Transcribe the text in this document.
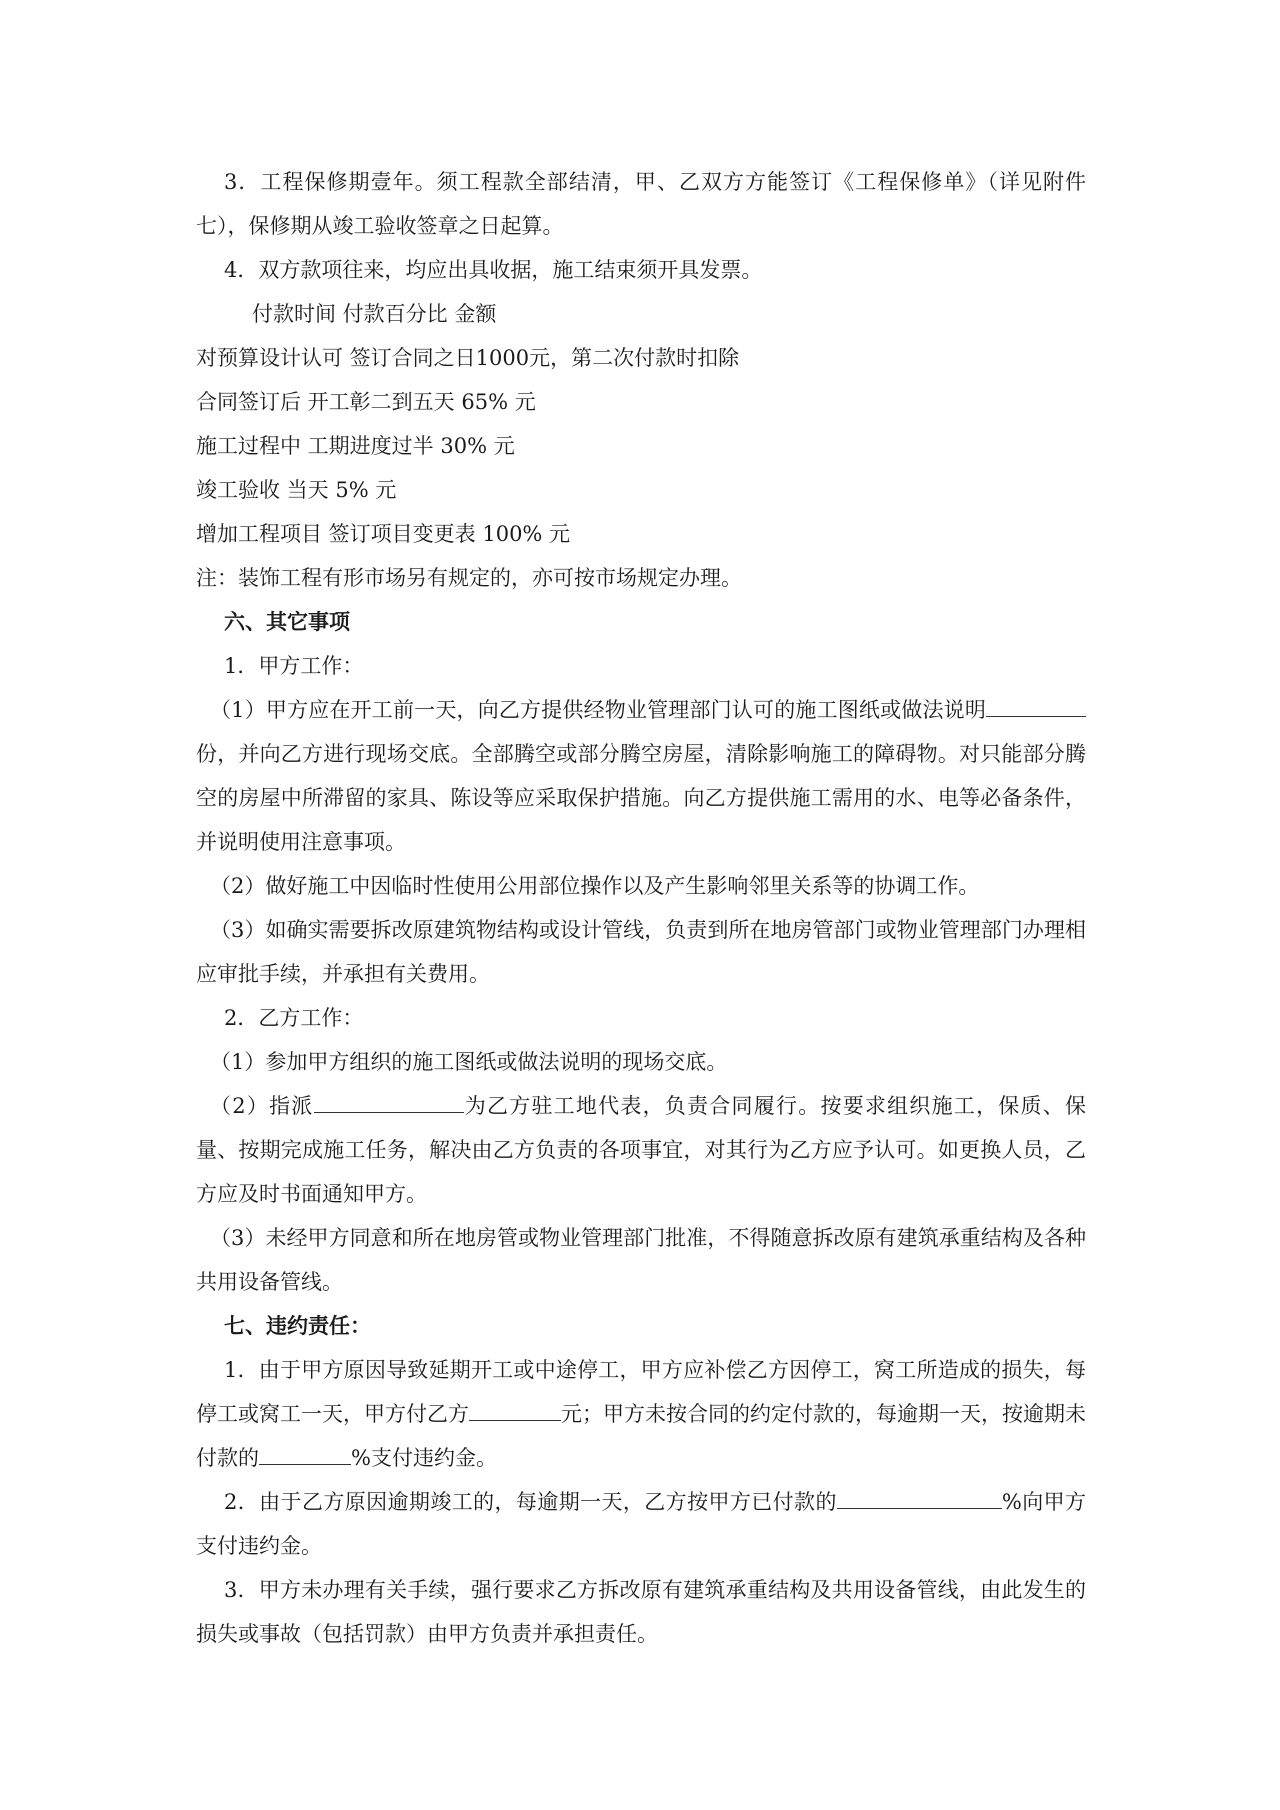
3．工程保修期壹年。须工程款全部结清，甲、乙双方方能签订《工程保修单》（详见附件七），保修期从竣工验收签章之日起算。

4．双方款项往来，均应出具收据，施工结束须开具发票。

付款时间 付款百分比 金额

对预算设计认可 签订合同之日1000元，第二次付款时扣除

合同签订后 开工彰二到五天 65% 元

施工过程中 工期进度过半 30% 元

竣工验收 当天 5% 元

增加工程项目 签订项目变更表 100% 元

注：装饰工程有形市场另有规定的，亦可按市场规定办理。

六、其它事项

1．甲方工作：

（1）甲方应在开工前一天，向乙方提供经物业管理部门认可的施工图纸或做法说明份，并向乙方进行现场交底。全部腾空或部分腾空房屋，清除影响施工的障碍物。对只能部分腾空的房屋中所滞留的家具、陈设等应采取保护措施。向乙方提供施工需用的水、电等必备条件，并说明使用注意事项。

（2）做好施工中因临时性使用公用部位操作以及产生影响邻里关系等的协调工作。

（3）如确实需要拆改原建筑物结构或设计管线，负责到所在地房管部门或物业管理部门办理相应审批手续，并承担有关费用。

2．乙方工作：

（1）参加甲方组织的施工图纸或做法说明的现场交底。

（2）指派	为乙方驻工地代表，负责合同履行。按要求组织施工，保质、保量、按期完成施工任务，解决由乙方负责的各项事宜，对其行为乙方应予认可。如更换人员，乙方应及时书面通知甲方。

（3）未经甲方同意和所在地房管或物业管理部门批准，不得随意拆改原有建筑承重结构及各种共用设备管线。

七、违约责任：

1．由于甲方原因导致延期开工或中途停工，甲方应补偿乙方因停工，窝工所造成的损失，每停工或窝工一天，甲方付乙方	元；甲方未按合同的约定付款的，每逾期一天，按逾期未付款的	%支付违约金。

2．由于乙方原因逾期竣工的，每逾期一天，乙方按甲方已付款的	%向甲方支付违约金。

3．甲方未办理有关手续，强行要求乙方拆改原有建筑承重结构及共用设备管线，由此发生的损失或事故（包括罚款）由甲方负责并承担责任。
